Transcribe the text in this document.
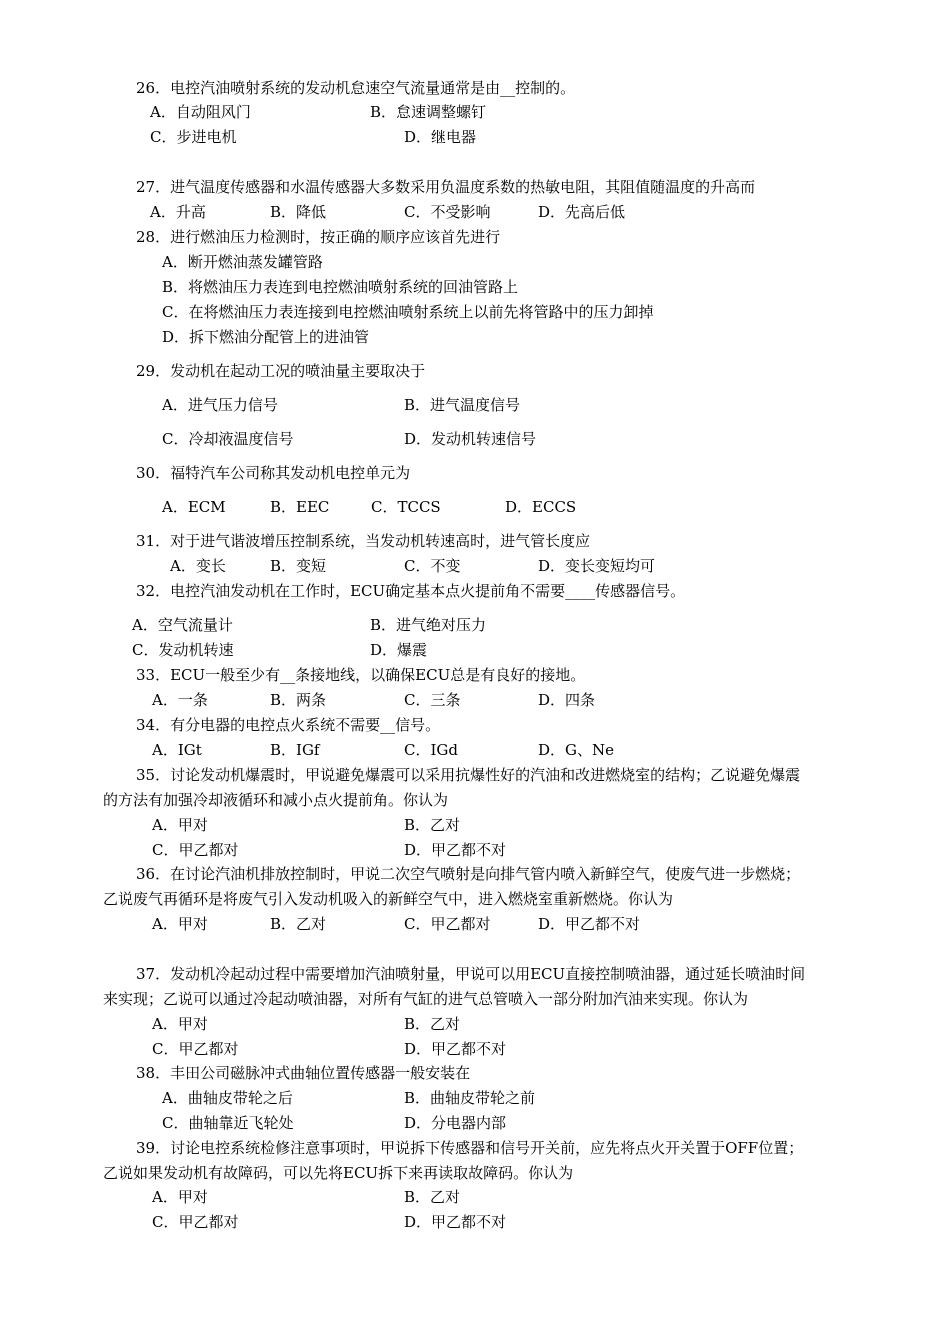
26．电控汽油喷射系统的发动机怠速空气流量通常是由__控制的。
A．自动阻风门	B．怠速调整螺钉
C．步进电机	D．继电器
27．进气温度传感器和水温传感器大多数采用负温度系数的热敏电阻，其阻值随温度的升高而
A．升高	B．降低	C．不受影响	D．先高后低
28．进行燃油压力检测时，按正确的顺序应该首先进行
A．断开燃油蒸发罐管路
B．将燃油压力表连到电控燃油喷射系统的回油管路上
C．在将燃油压力表连接到电控燃油喷射系统上以前先将管路中的压力卸掉
D．拆下燃油分配管上的进油管
29．发动机在起动工况的喷油量主要取决于
A．进气压力信号	B．进气温度信号
C．冷却液温度信号	D．发动机转速信号
30．福特汽车公司称其发动机电控单元为
A．ECM	B．EEC	C．TCCS	D．ECCS
31．对于进气谐波增压控制系统，当发动机转速高时，进气管长度应
A．变长	B．变短	C．不变	D．变长变短均可
32．电控汽油发动机在工作时，ECU确定基本点火提前角不需要____传感器信号。
A．空气流量计	B．进气绝对压力
C．发动机转速	D．爆震
33．ECU一般至少有__条接地线，以确保ECU总是有良好的接地。
A．一条	B．两条	C．三条	D．四条
34．有分电器的电控点火系统不需要__信号。
A．IGt	B．IGf	C．IGd	D．G、Ne
35．讨论发动机爆震时，甲说避免爆震可以采用抗爆性好的汽油和改进燃烧室的结构；乙说避免爆震
的方法有加强冷却液循环和减小点火提前角。你认为
A．甲对	B．乙对
C．甲乙都对	D．甲乙都不对
36．在讨论汽油机排放控制时，甲说二次空气喷射是向排气管内喷入新鲜空气，使废气进一步燃烧；
乙说废气再循环是将废气引入发动机吸入的新鲜空气中，进入燃烧室重新燃烧。你认为
A．甲对	B．乙对	C．甲乙都对	D．甲乙都不对
37．发动机冷起动过程中需要增加汽油喷射量，甲说可以用ECU直接控制喷油器，通过延长喷油时间
来实现；乙说可以通过冷起动喷油器，对所有气缸的进气总管喷入一部分附加汽油来实现。你认为
A．甲对	B．乙对
C．甲乙都对	D．甲乙都不对
38．丰田公司磁脉冲式曲轴位置传感器一般安装在
A．曲轴皮带轮之后	B．曲轴皮带轮之前
C．曲轴靠近飞轮处	D．分电器内部
39．讨论电控系统检修注意事项时，甲说拆下传感器和信号开关前，应先将点火开关置于OFF位置；
乙说如果发动机有故障码，可以先将ECU拆下来再读取故障码。你认为
A．甲对	B．乙对
C．甲乙都对	D．甲乙都不对
